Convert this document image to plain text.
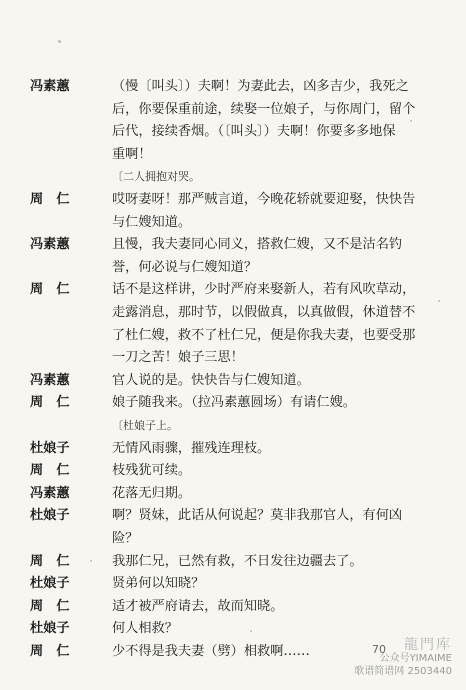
冯素蕙	（慢〔叫头〕）夫啊！为妻此去，凶多吉少，我死之
后，你要保重前途，续娶一位娘子，与你周门，留个
后代，接续香烟。（〔叫头〕）夫啊！你要多多地保
重啊！
〔二人拥抱对哭。
周　仁	哎呀妻呀！那严贼言道，今晚花轿就要迎娶，快快告
与仁嫂知道。
冯素蕙	且慢，我夫妻同心同义，搭救仁嫂，又不是沽名钓
誉，何必说与仁嫂知道？
周　仁	话不是这样讲，少时严府来娶新人，若有风吹草动，
走露消息，那时节，以假做真，以真做假，休道替不
了杜仁嫂，救不了杜仁兄，便是你我夫妻，也要受那
一刀之苦！娘子三思！
冯素蕙	官人说的是。快快告与仁嫂知道。
周　仁	娘子随我来。（拉冯素蕙圆场）有请仁嫂。
〔杜娘子上。
杜娘子	无情风雨骤，摧残连理枝。
周　仁	枝残犹可续。
冯素蕙	花落无归期。
杜娘子	啊？贤妹，此话从何说起？莫非我那官人，有何凶
险？
周　仁	我那仁兄，已然有救，不日发往边疆去了。
杜娘子	贤弟何以知晓？
周　仁	适才被严府请去，故而知晓。
杜娘子	何人相救？
周　仁	少不得是我夫妻（劈）相救啊……	70	龍門库
公众号YIMAIME
歌谱简谱网 2503440
